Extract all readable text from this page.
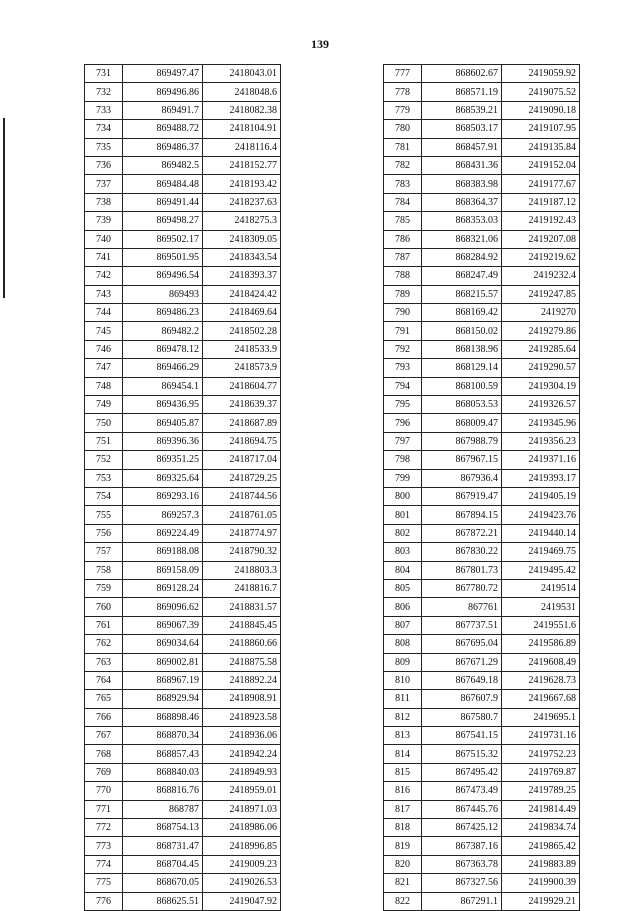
139
731	869497.47	2418043.01
732	869496.86	2418048.6
733	869491.7	2418082.38
734	869488.72	2418104.91
735	869486.37	2418116.4
736	869482.5	2418152.77
737	869484.48	2418193.42
738	869491.44	2418237.63
739	869498.27	2418275.3
740	869502.17	2418309.05
741	869501.95	2418343.54
742	869496.54	2418393.37
743	869493	2418424.42
744	869486.23	2418469.64
745	869482.2	2418502.28
746	869478.12	2418533.9
747	869466.29	2418573.9
748	869454.1	2418604.77
749	869436.95	2418639.37
750	869405.87	2418687.89
751	869396.36	2418694.75
752	869351.25	2418717.04
753	869325.64	2418729.25
754	869293.16	2418744.56
755	869257.3	2418761.05
756	869224.49	2418774.97
757	869188.08	2418790.32
758	869158.09	2418803.3
759	869128.24	2418816.7
760	869096.62	2418831.57
761	869067.39	2418845.45
762	869034.64	2418860.66
763	869002.81	2418875.58
764	868967.19	2418892.24
765	868929.94	2418908.91
766	868898.46	2418923.58
767	868870.34	2418936.06
768	868857.43	2418942.24
769	868840.03	2418949.93
770	868816.76	2418959.01
771	868787	2418971.03
772	868754.13	2418986.06
773	868731.47	2418996.85
774	868704.45	2419009.23
775	868670.05	2419026.53
776	868625.51	2419047.92
777	868602.67	2419059.92
778	868571.19	2419075.52
779	868539.21	2419090.18
780	868503.17	2419107.95
781	868457.91	2419135.84
782	868431.36	2419152.04
783	868383.98	2419177.67
784	868364.37	2419187.12
785	868353.03	2419192.43
786	868321.06	2419207.08
787	868284.92	2419219.62
788	868247.49	2419232.4
789	868215.57	2419247.85
790	868169.42	2419270
791	868150.02	2419279.86
792	868138.96	2419285.64
793	868129.14	2419290.57
794	868100.59	2419304.19
795	868053.53	2419326.57
796	868009.47	2419345.96
797	867988.79	2419356.23
798	867967.15	2419371.16
799	867936.4	2419393.17
800	867919.47	2419405.19
801	867894.15	2419423.76
802	867872.21	2419440.14
803	867830.22	2419469.75
804	867801.73	2419495.42
805	867780.72	2419514
806	867761	2419531
807	867737.51	2419551.6
808	867695.04	2419586.89
809	867671.29	2419608.49
810	867649.18	2419628.73
811	867607.9	2419667.68
812	867580.7	2419695.1
813	867541.15	2419731.16
814	867515.32	2419752.23
815	867495.42	2419769.87
816	867473.49	2419789.25
817	867445.76	2419814.49
818	867425.12	2419834.74
819	867387.16	2419865.42
820	867363.78	2419883.89
821	867327.56	2419900.39
822	867291.1	2419929.21
